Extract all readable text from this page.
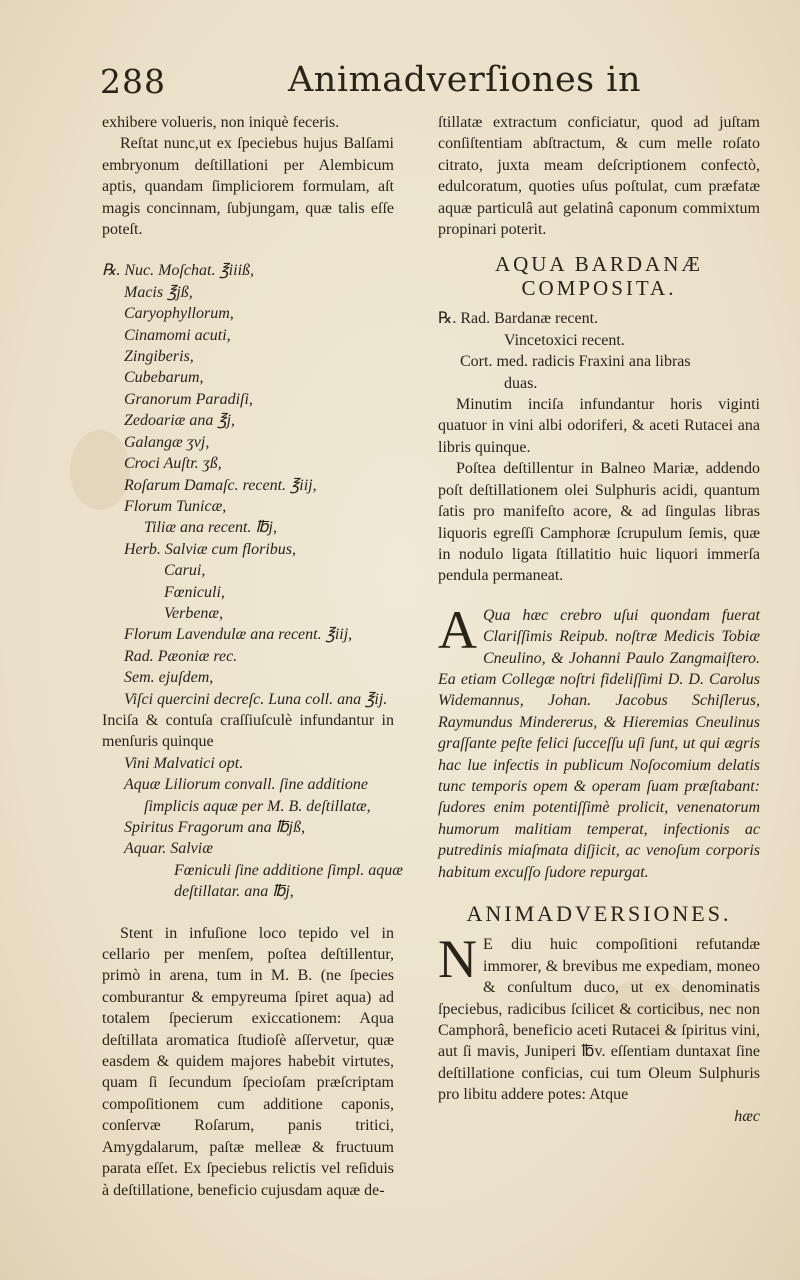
288	Animadverſiones in

exhibere volueris, non iniquè feceris.

Reſtat nunc,ut ex ſpeciebus hujus Balſami embryonum deſtillationi per Alembicum aptis, quandam ſimpliciorem formulam, aſt magis concinnam, ſubjungam, quæ talis eſſe poteſt.

℞. Nuc. Moſchat. ℥iiiß,
Macis ℥jß,
Caryophyllorum,
Cinamomi acuti,
Zingiberis,
Cubebarum,
Granorum Paradiſi,
Zedoariæ ana ℥j,
Galangæ ʒvj,
Croci Auſtr. ʒß,
Roſarum Damaſc. recent. ℥iij,
Florum Tunicæ,
Tiliæ ana recent. ℔j,
Herb. Salviæ cum floribus,
Carui,
Fœniculi,
Verbenæ,
Florum Lavendulæ ana recent. ℥iij,
Rad. Pæoniæ rec.
Sem. ejuſdem,
Viſci quercini decreſc. Luna coll. ana ℥ij.

Inciſa & contuſa craſſiuſculè infundantur in menſuris quinque

Vini Malvatici opt.
Aquæ Liliorum convall. ſine additione
ſimplicis aquæ per M. B. deſtillatæ,
Spiritus Fragorum ana ℔jß,
Aquar. Salviæ
Fœniculi ſine additione ſimpl. aquæ
deſtillatar. ana ℔j,

Stent in infuſione loco tepido vel in cellario per menſem, poſtea deſtillentur, primò in arena, tum in M. B. (ne ſpecies comburantur & empyreuma ſpiret aqua) ad totalem ſpecierum exiccationem: Aqua deſtillata aromatica ſtudioſè aſſervetur, quæ easdem & quidem majores habebit virtutes, quam ſi ſecundum ſpecioſam præſcriptam compoſitionem cum additione caponis, conſervæ Roſarum, panis tritici, Amygdalarum, paſtæ melleæ & fructuum parata eſſet. Ex ſpeciebus relictis vel reſiduis à deſtillatione, beneficio cujusdam aquæ de-

ſtillatæ extractum conficiatur, quod ad juſtam conſiſtentiam abſtractum, & cum melle roſato citrato, juxta meam deſcriptionem confectò, edulcoratum, quoties uſus poſtulat, cum præfatæ aquæ particulâ aut gelatinâ caponum commixtum propinari poterit.

AQUA BARDANÆ
COMPOSITA.
℞. Rad. Bardanæ recent.
Vincetoxici recent.
Cort. med. radicis Fraxini ana libras
duas.

Minutim inciſa infundantur horis viginti quatuor in vini albi odoriferi, & aceti Rutacei ana libris quinque.

Poſtea deſtillentur in Balneo Mariæ, addendo poſt deſtillationem olei Sulphuris acidi, quantum ſatis pro manifeſto acore, & ad ſingulas libras liquoris egreſſi Camphoræ ſcrupulum ſemis, quæ in nodulo ligata ſtillatitio huic liquori immerſa pendula permaneat.

A Qua hæc crebro uſui quondam fuerat Clariſſimis Reipub. noſtræ Medicis Tobiæ Cneulino, & Johanni Paulo Zangmaiſtero. Ea etiam Collegæ noſtri fideliſſimi D. D. Carolus Widemannus, Johan. Jacobus Schiſlerus, Raymundus Mindererus, & Hieremias Cneulinus graſſante peſte felici ſucceſſu uſi ſunt, ut qui ægris hac lue infectis in publicum Noſocomium delatis tunc temporis opem & operam ſuam præſtabant: ſudores enim potentiſſimè prolicit, venenatorum humorum malitiam temperat, infectionis ac putredinis miaſmata diſjicit, ac venoſum corporis habitum excuſſo ſudore repurgat.
ANIMADVERSIONES.
N E diu huic compoſitioni refutandæ immorer, & brevibus me expediam, moneo & conſultum duco, ut ex denominatis ſpeciebus, radicibus ſcilicet & corticibus, nec non Camphorâ, beneficio aceti Rutacei & ſpiritus vini, aut ſi mavis, Juniperi ℔v. eſſentiam duntaxat ſine deſtillatione conficias, cui tum Oleum Sulphuris pro libitu addere potes: Atque
hæc
